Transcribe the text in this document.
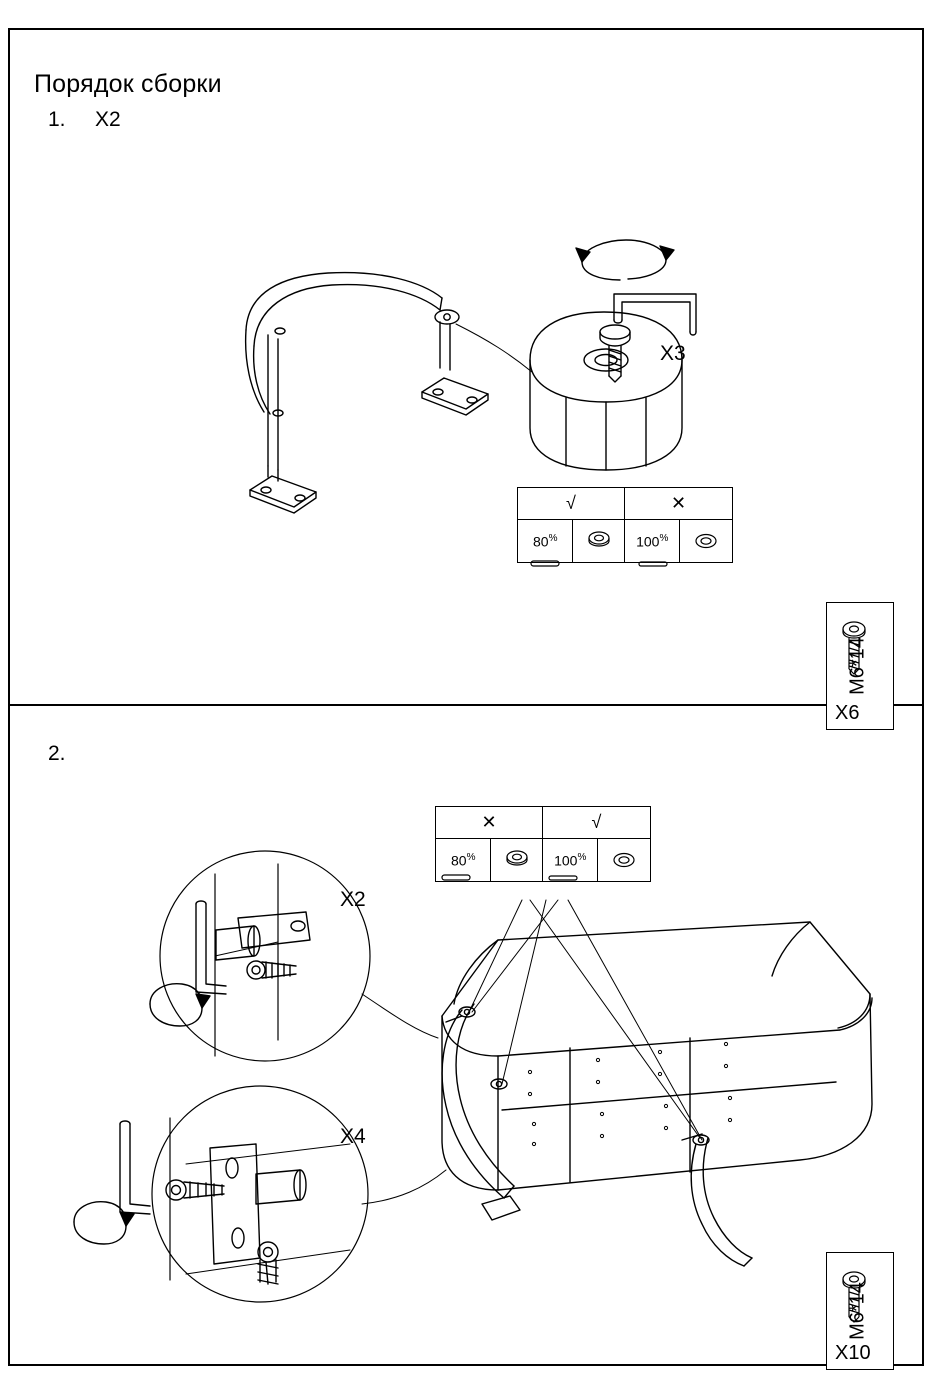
Порядок сборки
1. X2
2.
X3
√	✕
80%	100%
M6*14
X6
X2
X4
✕	√
80%	100%
M6*14
X10
